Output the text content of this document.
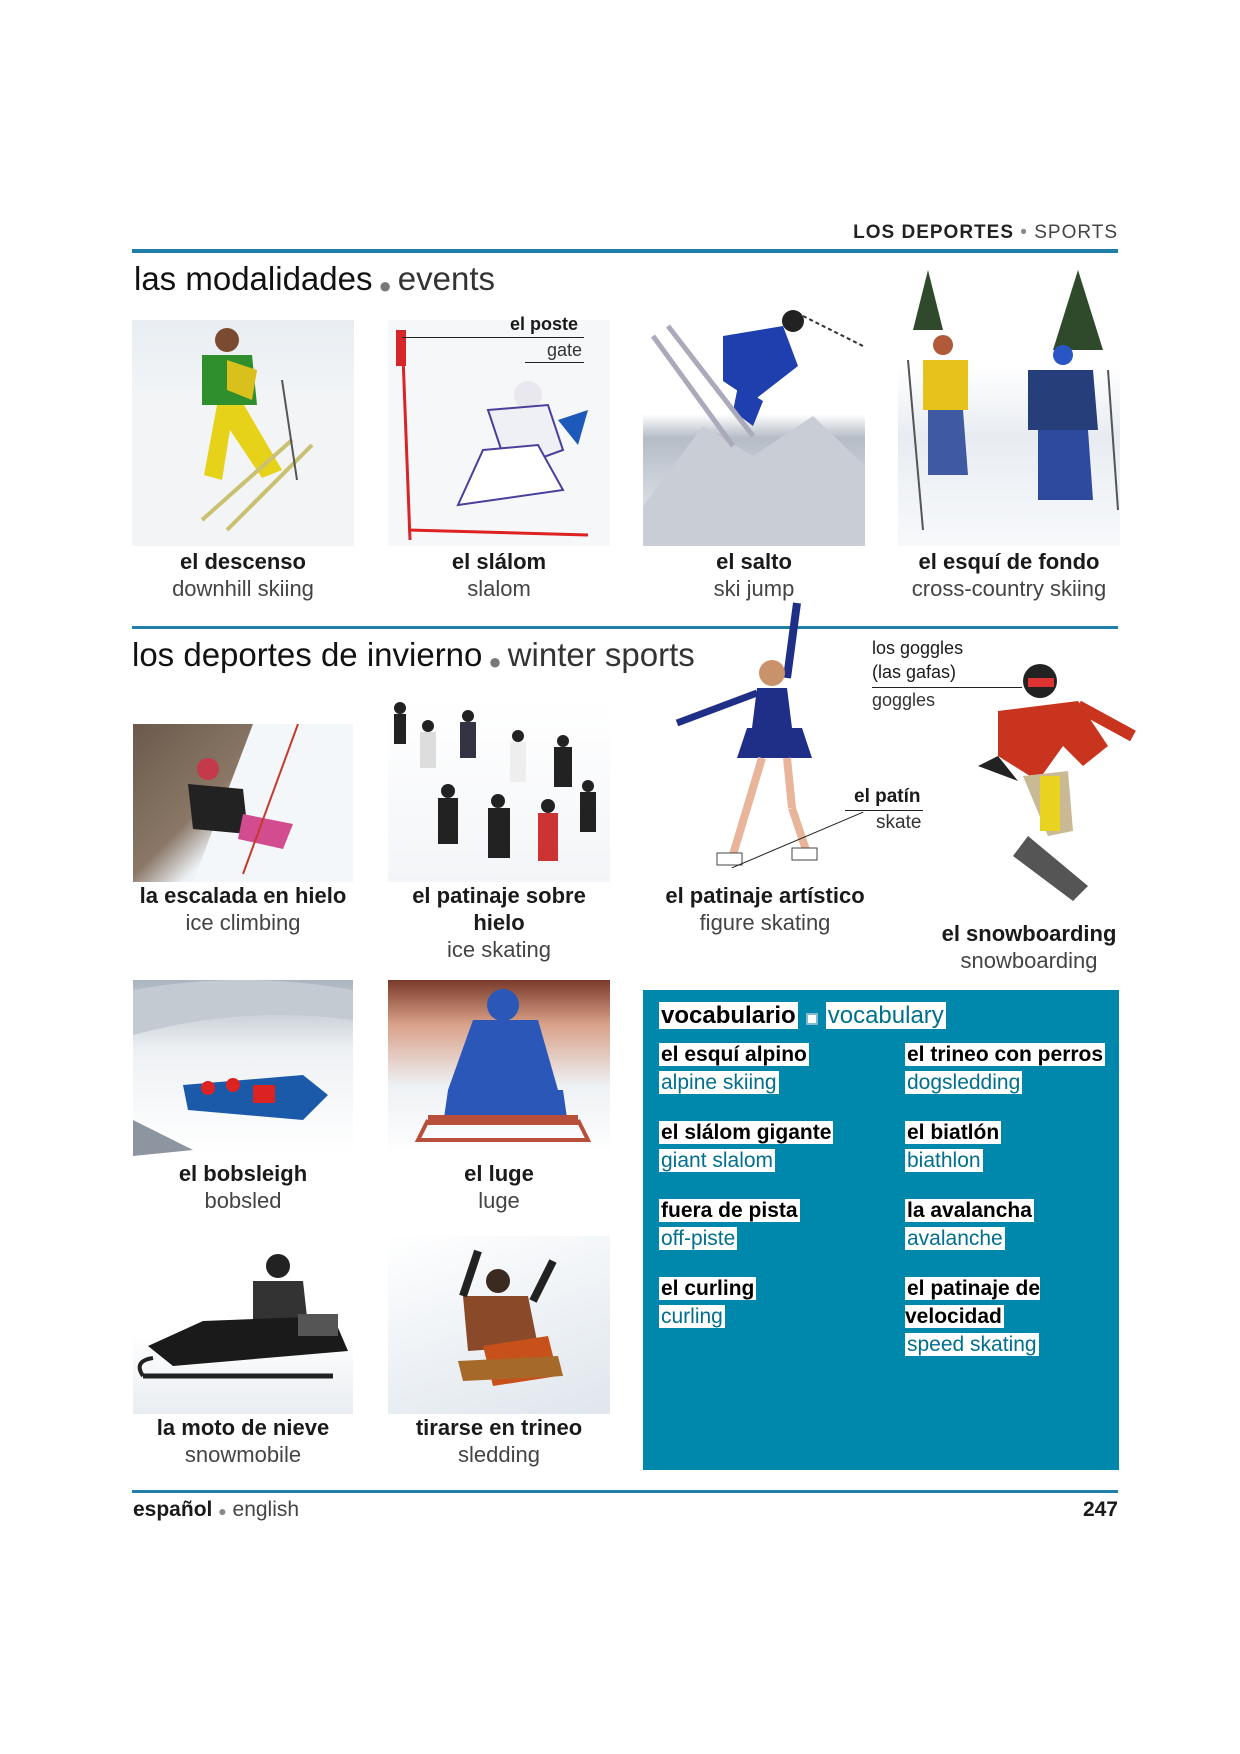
LOS DEPORTES • SPORTS
las modalidades ● events
el poste
gate
el descenso
downhill skiing
el slálom
slalom
el salto
ski jump
el esquí de fondo
cross-country skiing
los deportes de invierno ● winter sports
la escalada en hielo
ice climbing
el patinaje sobre hielo
ice skating
el patín
skate
el patinaje artístico
figure skating
los goggles
(las gafas)
goggles
el snowboarding
snowboarding
el bobsleigh
bobsled
el luge
luge
la moto de nieve
snowmobile
tirarse en trineo
sledding
vocabulario vocabulary
el esquí alpino
alpine skiing
el slálom gigante
giant slalom
fuera de pista
off-piste
el curling
curling
el trineo con perros
dogsledding
el biatlón
biathlon
la avalancha
avalanche
el patinaje de velocidad
speed skating
español ● english	247
